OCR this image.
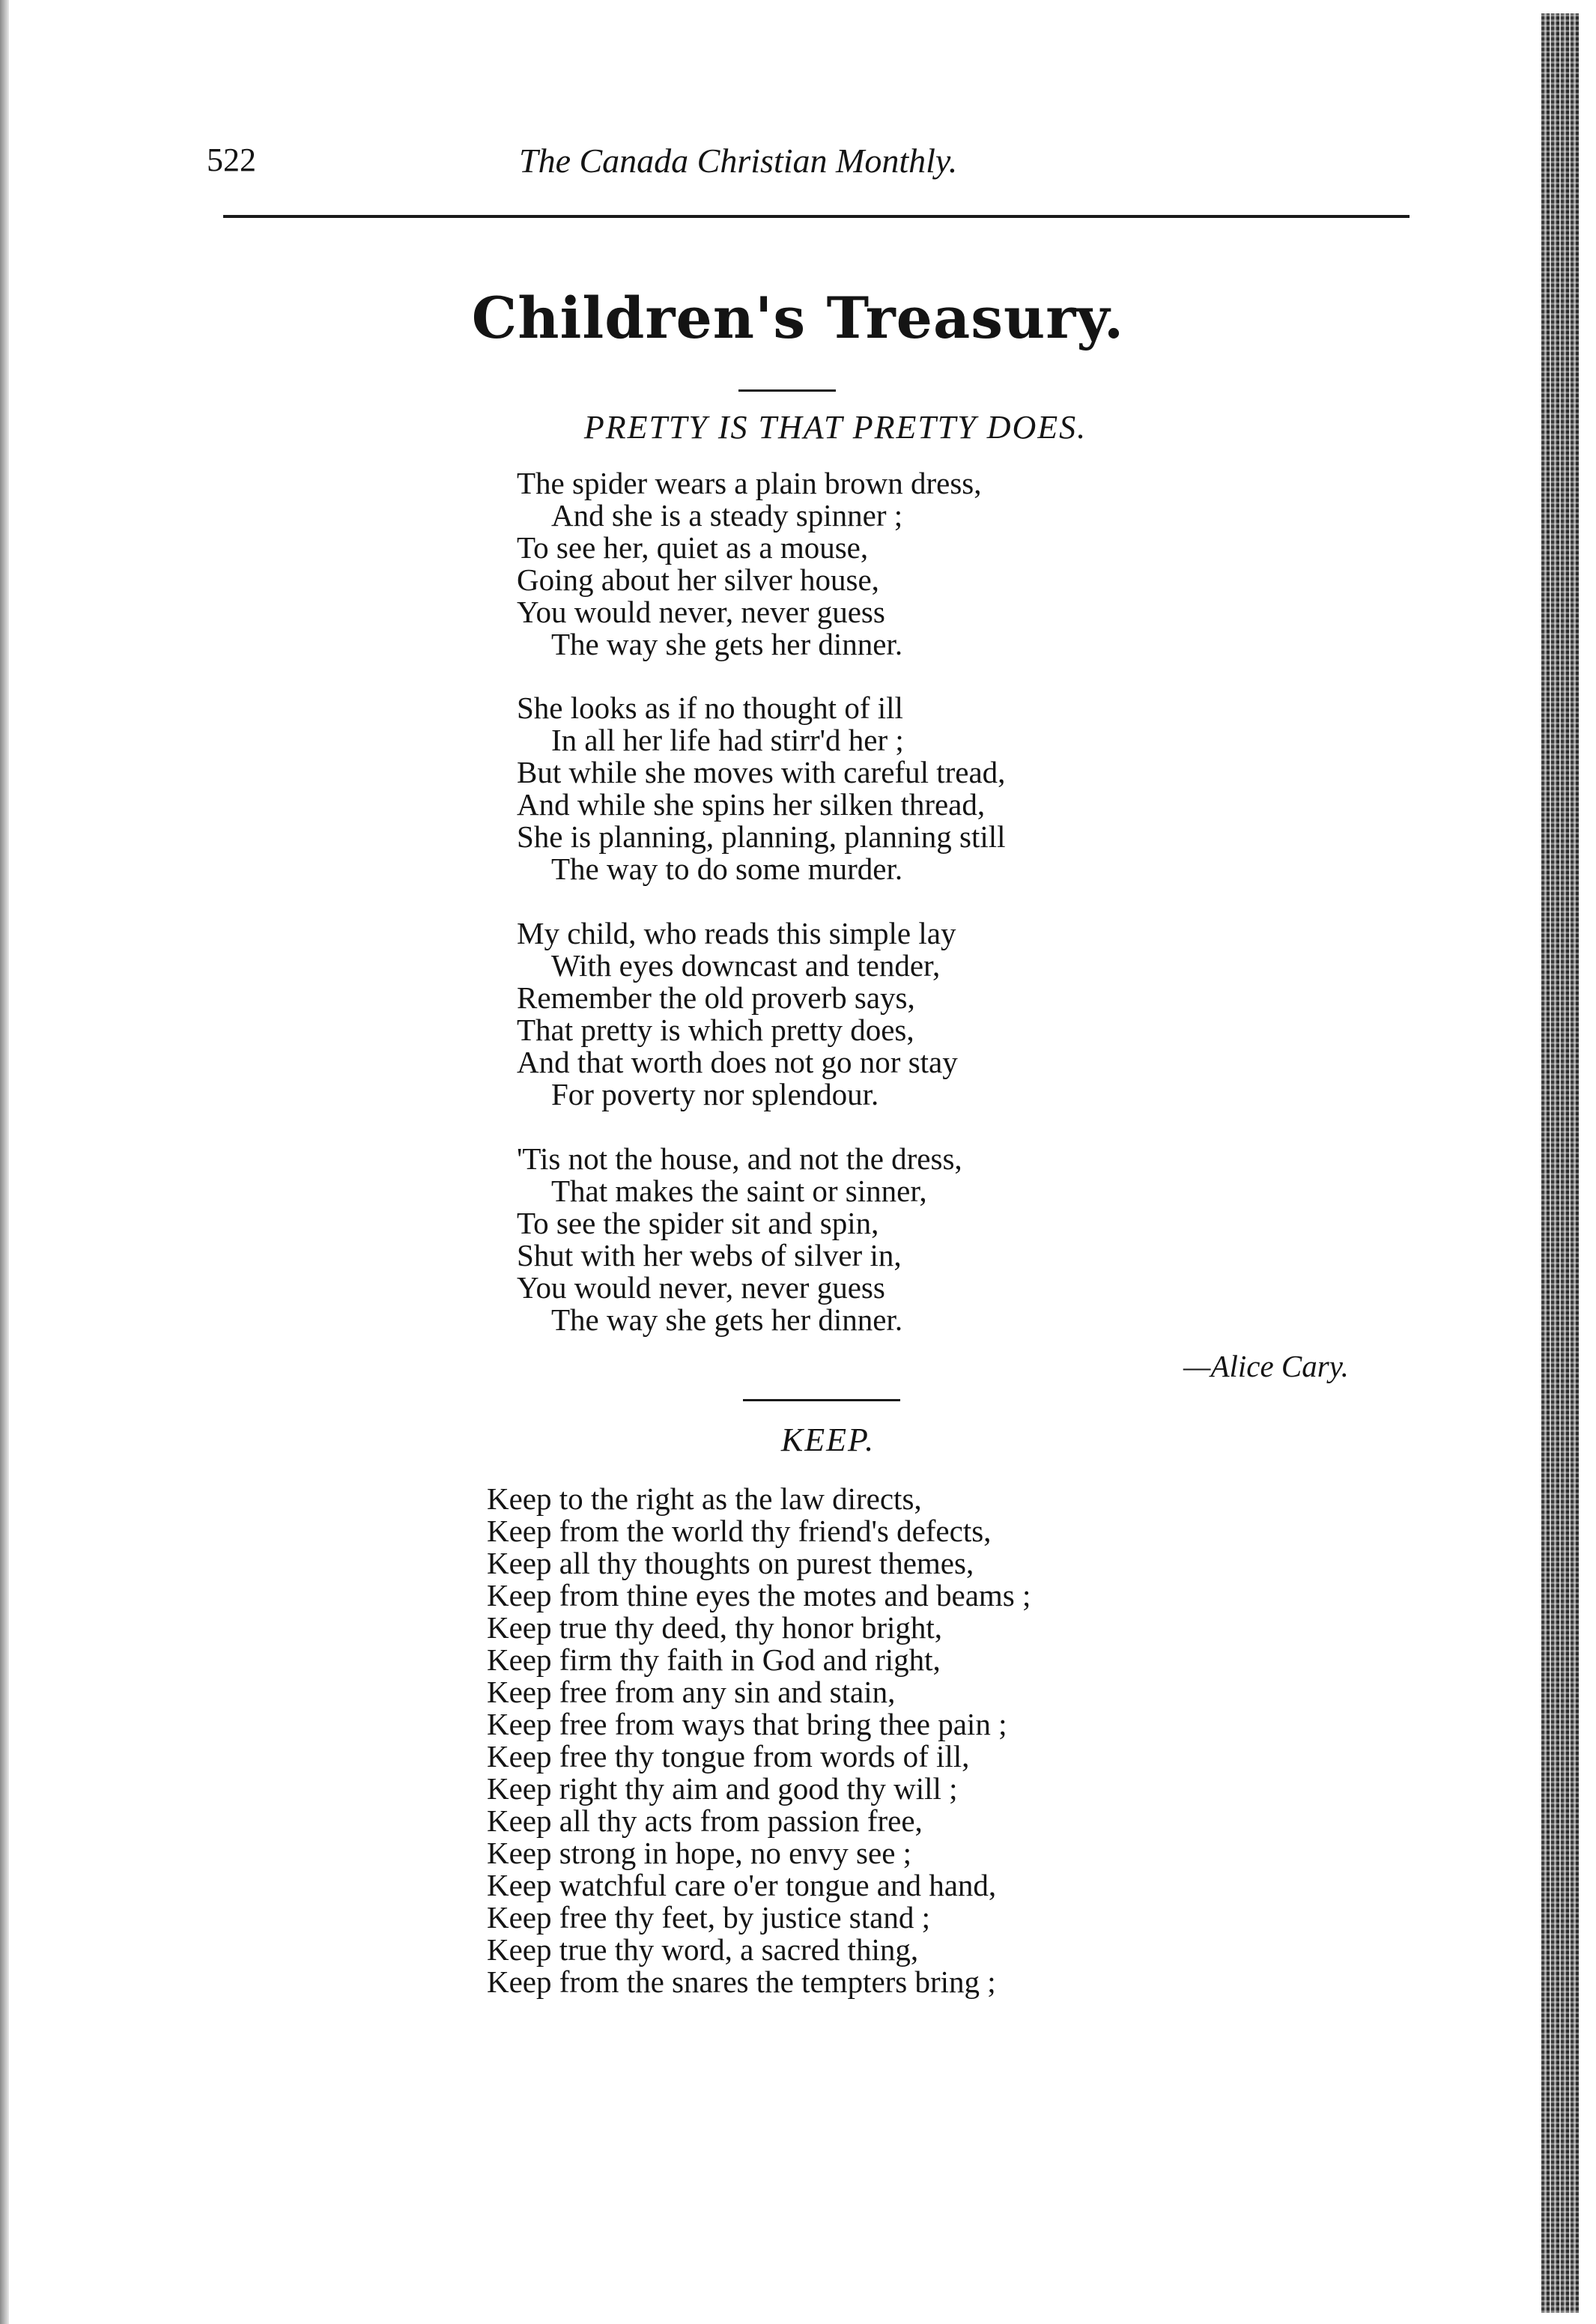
522	The Canada Christian Monthly.
Children's Treasury.
PRETTY IS THAT PRETTY DOES.
The spider wears a plain brown dress,
And she is a steady spinner ;
To see her, quiet as a mouse,
Going about her silver house,
You would never, never guess
The way she gets her dinner.
She looks as if no thought of ill
In all her life had stirr'd her ;
But while she moves with careful tread,
And while she spins her silken thread,
She is planning, planning, planning still
The way to do some murder.
My child, who reads this simple lay
With eyes downcast and tender,
Remember the old proverb says,
That pretty is which pretty does,
And that worth does not go nor stay
For poverty nor splendour.
'Tis not the house, and not the dress,
That makes the saint or sinner,
To see the spider sit and spin,
Shut with her webs of silver in,
You would never, never guess
The way she gets her dinner.
—Alice Cary.
KEEP.
Keep to the right as the law directs,
Keep from the world thy friend's defects,
Keep all thy thoughts on purest themes,
Keep from thine eyes the motes and beams ;
Keep true thy deed, thy honor bright,
Keep firm thy faith in God and right,
Keep free from any sin and stain,
Keep free from ways that bring thee pain ;
Keep free thy tongue from words of ill,
Keep right thy aim and good thy will ;
Keep all thy acts from passion free,
Keep strong in hope, no envy see ;
Keep watchful care o'er tongue and hand,
Keep free thy feet, by justice stand ;
Keep true thy word, a sacred thing,
Keep from the snares the tempters bring ;
